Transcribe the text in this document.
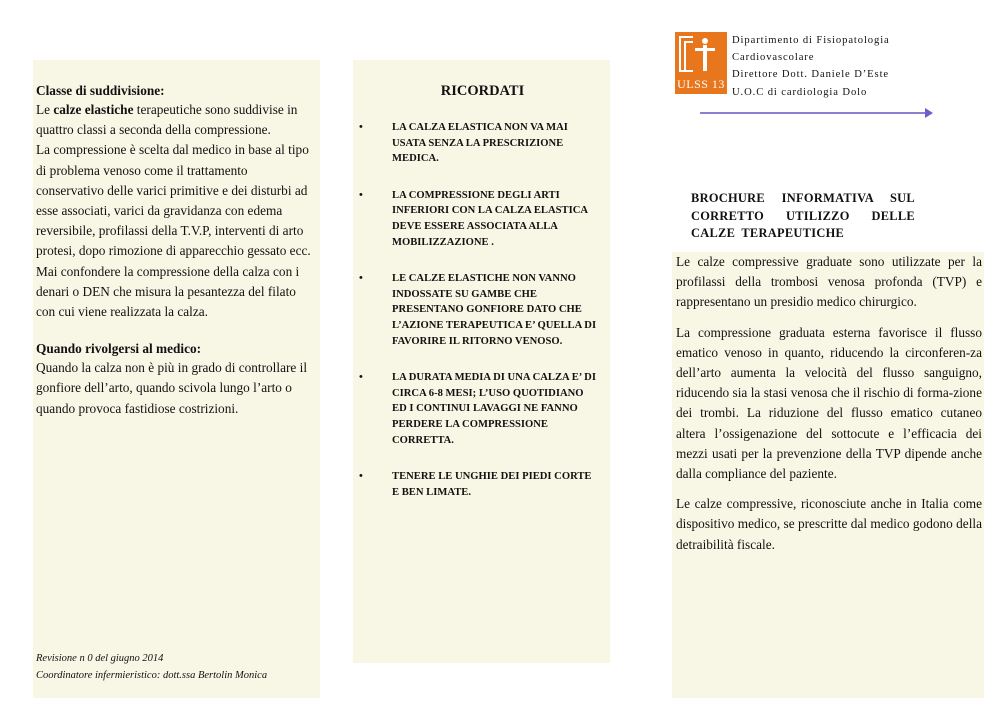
Classe di suddivisione:

Le calze elastiche terapeutiche sono suddivise in quattro classi a seconda della compressione.

La compressione è scelta dal medico in base al tipo di problema venoso come il trattamento conservativo delle varici primitive e dei disturbi ad esse associati, varici da gravidanza con edema reversibile, profilassi della T.V.P, interventi di arto protesi, dopo rimozione di apparecchio gessato ecc.

Mai confondere la compressione della calza con i denari o DEN che misura la pesantezza del filato con cui viene realizzata la calza.

Quando rivolgersi al medico:

Quando la calza non è più in grado di controllare il gonfiore dell’arto, quando scivola lungo l’arto o quando provoca fastidiose costrizioni.

Revisione n 0 del giugno 2014
Coordinatore infermieristico: dott.ssa Bertolin Monica

RICORDATI

•	LA CALZA ELASTICA NON VA MAI USATA SENZA LA PRESCRIZIONE MEDICA.
•	LA COMPRESSIONE DEGLI ARTI INFERIORI CON LA CALZA ELASTICA DEVE ESSERE ASSOCIATA ALLA MOBILIZZAZIONE .
•	LE CALZE ELASTICHE NON VANNO INDOSSATE SU GAMBE CHE PRESENTANO GONFIORE DATO CHE L’AZIONE TERAPEUTICA E’ QUELLA DI FAVORIRE IL RITORNO VENOSO.
•	LA DURATA MEDIA DI UNA CALZA E’ DI CIRCA 6-8 MESI; L’USO QUOTIDIANO ED I CONTINUI LAVAGGI NE FANNO PERDERE LA COMPRESSIONE CORRETTA.
•	TENERE LE UNGHIE DEI PIEDI CORTE E BEN LIMATE.
ULSS 13
Dipartimento di Fisiopatologia
Cardiovascolare
Direttore Dott. Daniele D’Este
U.O.C di cardiologia Dolo
BROCHURE INFORMATIVA SUL CORRETTO UTILIZZO DELLE CALZE TERAPEUTICHE

Le calze compressive graduate sono utilizzate per la profilassi della trombosi venosa profonda (TVP) e rappresentano un presidio medico chirurgico.

La compressione graduata esterna favorisce il flusso ematico venoso in quanto, riducendo la circonferen-za dell’arto aumenta la velocità del flusso sanguigno, riducendo sia la stasi venosa che il rischio di forma-zione dei trombi. La riduzione del flusso ematico cutaneo altera l’ossigenazione del sottocute e l’efficacia dei mezzi usati per la prevenzione della TVP dipende anche dalla compliance del paziente.

Le calze compressive, riconosciute anche in Italia come dispositivo medico, se prescritte dal medico godono della detraibilità fiscale.
